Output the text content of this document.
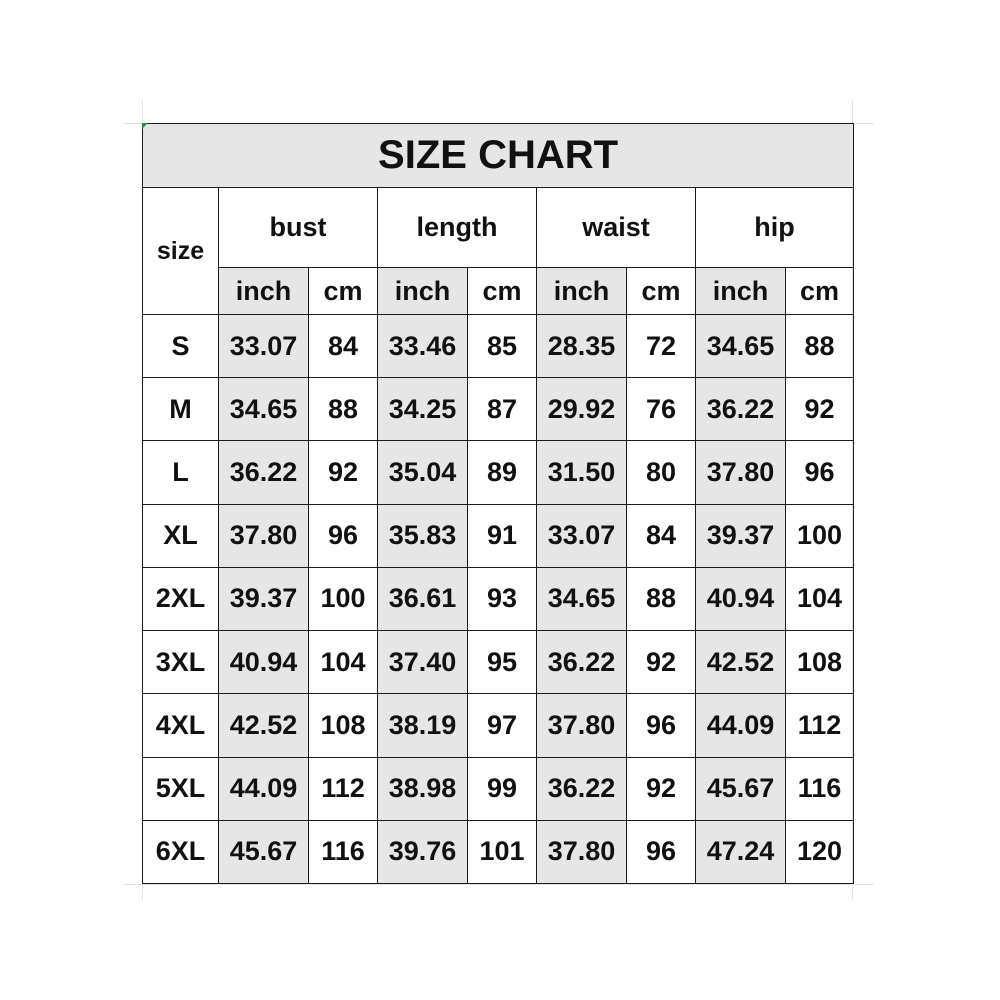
SIZE CHART								
size	bust		length		waist		hip	
	inch	cm	inch	cm	inch	cm	inch	cm
S	33.07	84	33.46	85	28.35	72	34.65	88
M	34.65	88	34.25	87	29.92	76	36.22	92
L	36.22	92	35.04	89	31.50	80	37.80	96
XL	37.80	96	35.83	91	33.07	84	39.37	100
2XL	39.37	100	36.61	93	34.65	88	40.94	104
3XL	40.94	104	37.40	95	36.22	92	42.52	108
4XL	42.52	108	38.19	97	37.80	96	44.09	112
5XL	44.09	112	38.98	99	36.22	92	45.67	116
6XL	45.67	116	39.76	101	37.80	96	47.24	120
